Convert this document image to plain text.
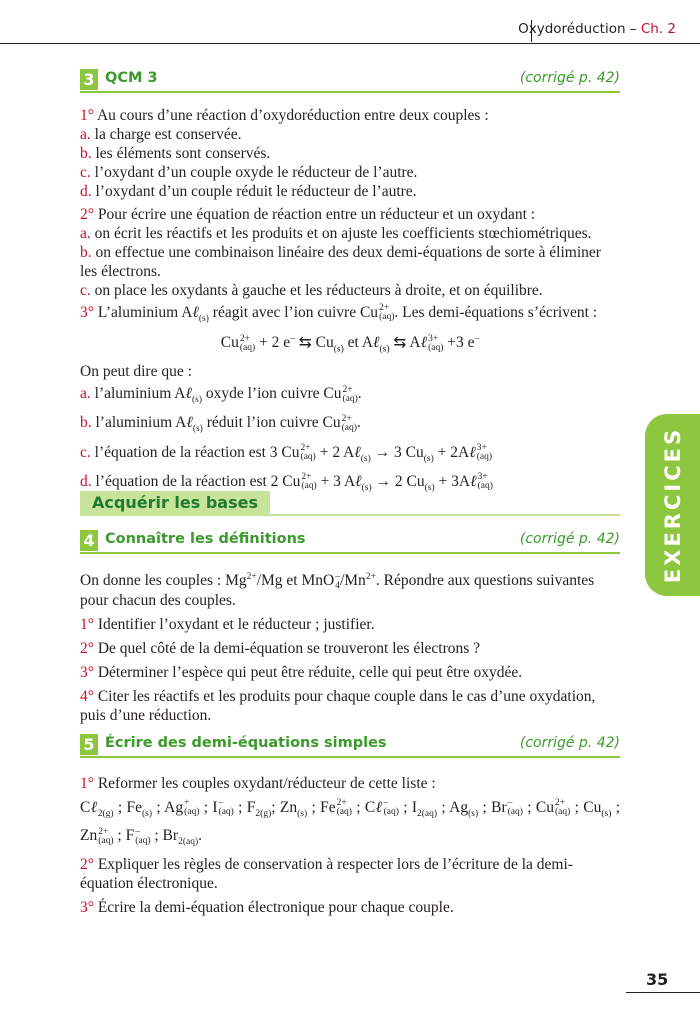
Oxydoréduction – Ch. 2
3 QCM 3	(corrigé p. 42)

1° Au cours d’une réaction d’oxydoréduction entre deux couples :

a. la charge est conservée.

b. les éléments sont conservés.

c. l’oxydant d’un couple oxyde le réducteur de l’autre.

d. l’oxydant d’un couple réduit le réducteur de l’autre.

2° Pour écrire une équation de réaction entre un réducteur et un oxydant :

a. on écrit les réactifs et les produits et on ajuste les coefficients stœchiométriques.

b. on effectue une combinaison linéaire des deux demi-équations de sorte à éliminer les électrons.

c. on place les oxydants à gauche et les réducteurs à droite, et on équilibre.

3° L’aluminium Aℓ$_{(s)}$ réagit avec l’ion cuivre Cu 2+
(aq) . Les demi-équations s’écrivent :

Cu 2+
(aq) + 2 e– ⇆ $Cu_{(s)}$ et Aℓ$_{(s)}$ ⇆ Aℓ 3+
(aq) +3 e–

On peut dire que :

a. l’aluminium Aℓ$_{(s)}$ oxyde l’ion cuivre Cu 2+
(aq) .

b. l’aluminium Aℓ$_{(s)}$ réduit l’ion cuivre Cu 2+
(aq) .

c. l’équation de la réaction est 3 Cu 2+
(aq) + 2 Aℓ$_{(s)}$ → 3 $Cu_{(s)}$ + 2Aℓ 3+
(aq)

d. l’équation de la réaction est 2 Cu 2+
(aq) + 3 Aℓ$_{(s)}$ → 2 $Cu_{(s)}$ + 3Aℓ 3+
(aq)

Acquérir les bases
4 Connaître les définitions	(corrigé p. 42)

On donne les couples : $Mg^{2+}/Mg$ et MnO –
4 $/Mn^{2+}$. Répondre aux questions suivantes pour chacun des couples.

1° Identifier l’oxydant et le réducteur ; justifier.

2° De quel côté de la demi-équation se trouveront les électrons ?

3° Déterminer l’espèce qui peut être réduite, celle qui peut être oxydée.

4° Citer les réactifs et les produits pour chaque couple dans le cas d’une oxydation, puis d’une réduction.

5 Écrire des demi-équations simples	(corrigé p. 42)

1° Reformer les couples oxydant/réducteur de cette liste :

Cℓ$_{2(g)}$ ; $Fe_{(s)}$ ; Ag +
(aq) ; I –
(aq) ; $F_{2(g)}$; $Zn_{(s)}$ ; Fe 2+
(aq) ; Cℓ –
(aq) ; $I_{2(aq)}$ ; $Ag_{(s)}$ ; Br –
(aq) ; Cu 2+
(aq) ; $Cu_{(s)}$ ; Zn 2+
(aq) ; F –
(aq) ; $Br_{2(aq)}$.

2° Expliquer les règles de conservation à respecter lors de l’écriture de la demi-équation électronique.

3° Écrire la demi-équation électronique pour chaque couple.

EXERCICES
35
